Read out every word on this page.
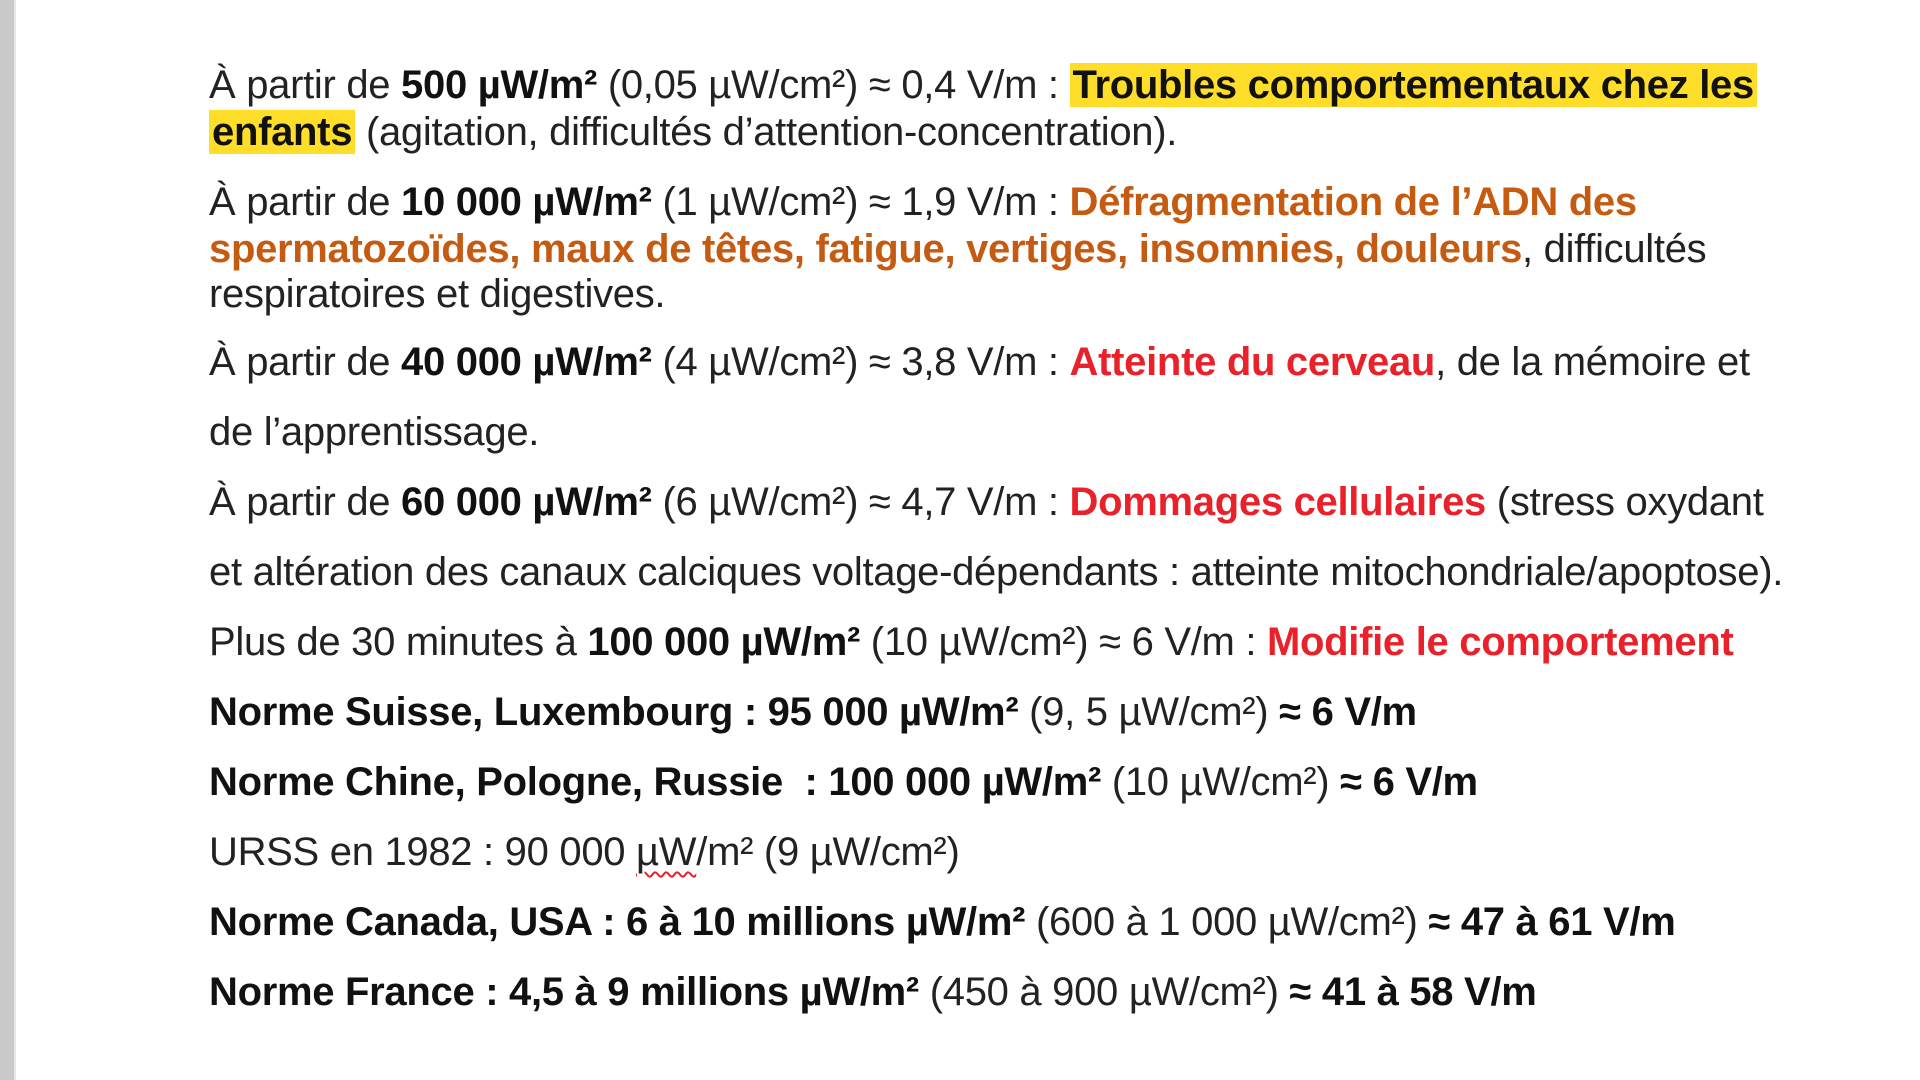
À partir de 500 µW/m² (0,05 µW/cm²) ≈ 0,4 V/m : Troubles comportementaux chez les
enfants (agitation, difficultés d’attention-concentration).
À partir de 10 000 µW/m² (1 µW/cm²) ≈ 1,9 V/m : Défragmentation de l’ADN des
spermatozoïdes, maux de têtes, fatigue, vertiges, insomnies, douleurs, difficultés
respiratoires et digestives.
À partir de 40 000 µW/m² (4 µW/cm²) ≈ 3,8 V/m : Atteinte du cerveau, de la mémoire et
de l’apprentissage.
À partir de 60 000 µW/m² (6 µW/cm²) ≈ 4,7 V/m : Dommages cellulaires (stress oxydant
et altération des canaux calciques voltage-dépendants : atteinte mitochondriale/apoptose).
Plus de 30 minutes à 100 000 µW/m² (10 µW/cm²) ≈ 6 V/m : Modifie le comportement
Norme Suisse, Luxembourg : 95 000 µW/m² (9, 5 µW/cm²) ≈ 6 V/m
Norme Chine, Pologne, Russie  : 100 000 µW/m² (10 µW/cm²) ≈ 6 V/m
URSS en 1982 : 90 000 µW/m² (9 µW/cm²)
Norme Canada, USA : 6 à 10 millions µW/m² (600 à 1 000 µW/cm²) ≈ 47 à 61 V/m
Norme France : 4,5 à 9 millions µW/m² (450 à 900 µW/cm²) ≈ 41 à 58 V/m
